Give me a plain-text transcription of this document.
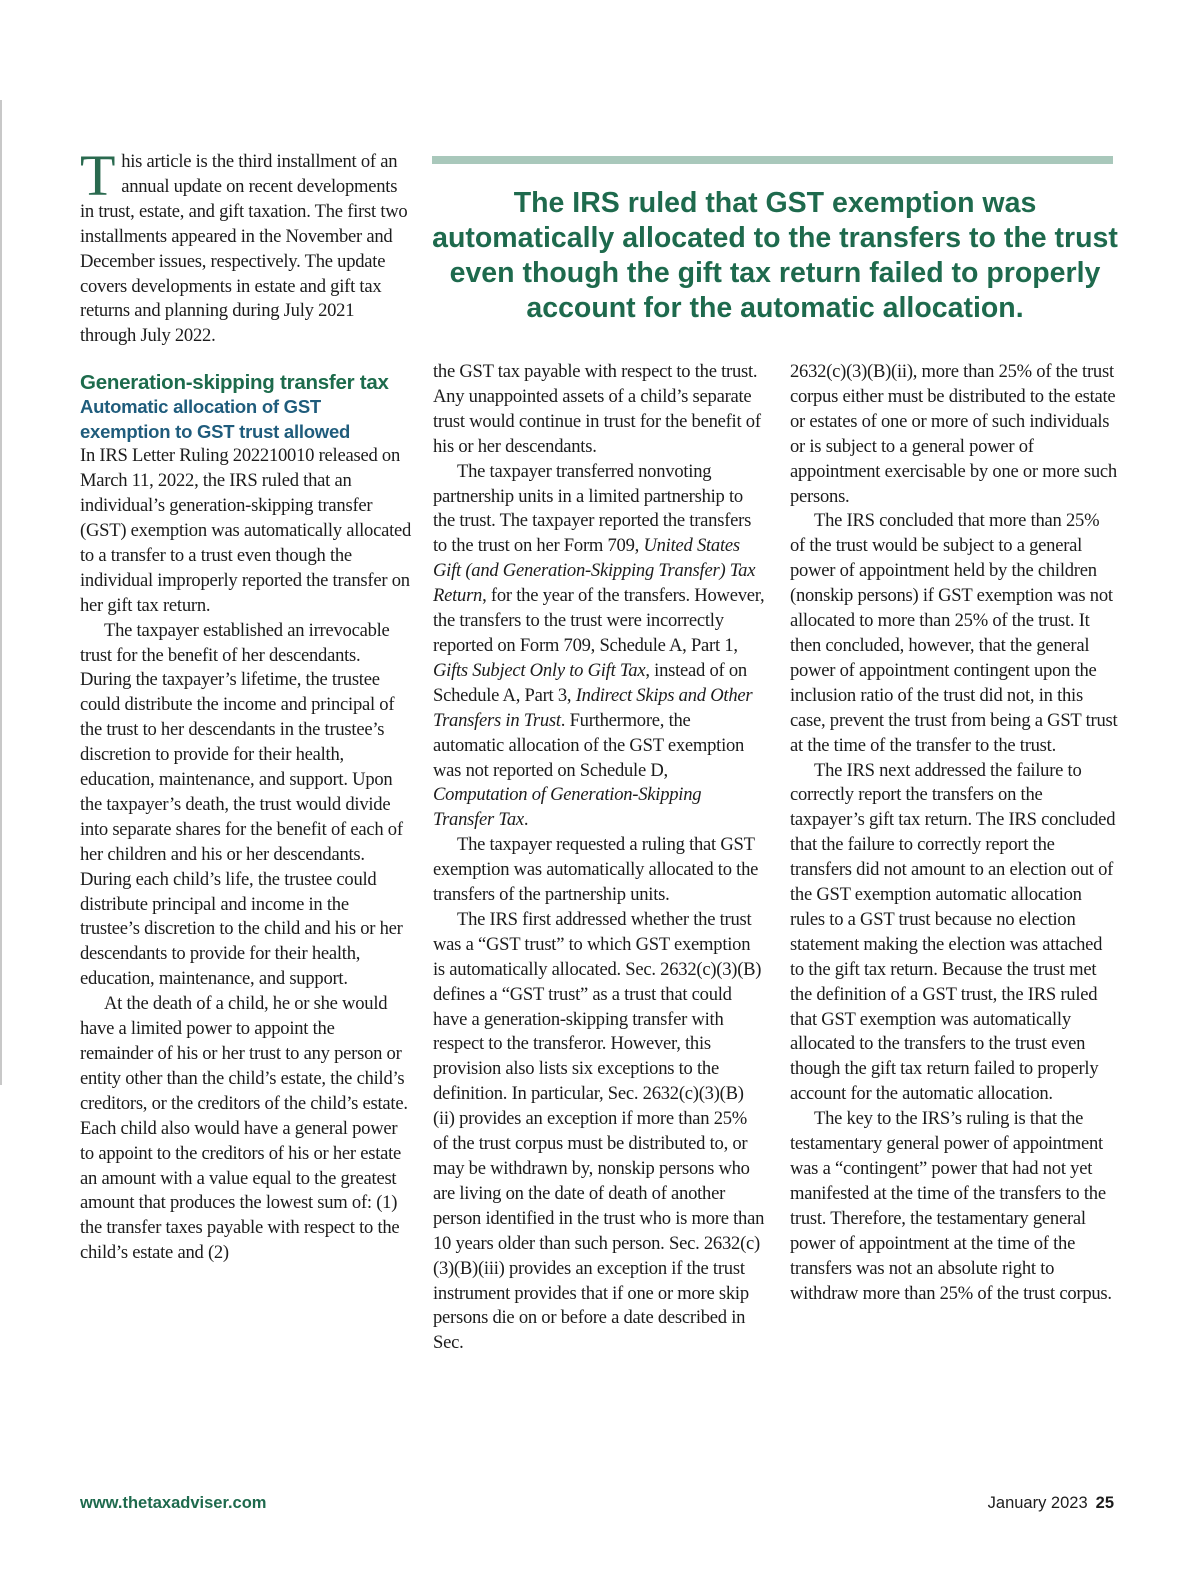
The IRS ruled that GST exemption was automatically allocated to the transfers to the trust even though the gift tax return failed to properly account for the automatic allocation.

This article is the third installment of an annual update on recent developments in trust, estate, and gift taxation. The first two installments appeared in the November and December issues, respectively. The update covers developments in estate and gift tax returns and planning during July 2021 through July 2022.

Generation-skipping transfer tax
Automatic allocation of GST exemption to GST trust allowed

In IRS Letter Ruling 202210010 released on March 11, 2022, the IRS ruled that an individual’s generation-skipping transfer (GST) exemption was automatically allocated to a transfer to a trust even though the individual improperly reported the transfer on her gift tax return.

The taxpayer established an irrevocable trust for the benefit of her descendants. During the taxpayer’s lifetime, the trustee could distribute the income and principal of the trust to her descendants in the trustee’s discretion to provide for their health, education, maintenance, and support. Upon the taxpayer’s death, the trust would divide into separate shares for the benefit of each of her children and his or her descendants. During each child’s life, the trustee could distribute principal and income in the trustee’s discretion to the child and his or her descendants to provide for their health, education, maintenance, and support.

At the death of a child, he or she would have a limited power to appoint the remainder of his or her trust to any person or entity other than the child’s estate, the child’s creditors, or the creditors of the child’s estate. Each child also would have a general power to appoint to the creditors of his or her estate an amount with a value equal to the greatest amount that produces the lowest sum of: (1) the transfer taxes payable with respect to the child’s estate and (2)

the GST tax payable with respect to the trust. Any unappointed assets of a child’s separate trust would continue in trust for the benefit of his or her descendants.

The taxpayer transferred nonvoting partnership units in a limited partnership to the trust. The taxpayer reported the transfers to the trust on her Form 709, United States Gift (and Generation-Skipping Transfer) Tax Return, for the year of the transfers. However, the transfers to the trust were incorrectly reported on Form 709, Schedule A, Part 1, Gifts Subject Only to Gift Tax, instead of on Schedule A, Part 3, Indirect Skips and Other Transfers in Trust. Furthermore, the automatic allocation of the GST exemption was not reported on Schedule D, Computation of Generation-Skipping Transfer Tax.

The taxpayer requested a ruling that GST exemption was automatically allocated to the transfers of the partnership units.

The IRS first addressed whether the trust was a “GST trust” to which GST exemption is automatically allocated. Sec. 2632(c)(3)(B) defines a “GST trust” as a trust that could have a generation-skipping transfer with respect to the transferor. However, this provision also lists six exceptions to the definition. In particular, Sec. 2632(c)(3)(B)(ii) provides an exception if more than 25% of the trust corpus must be distributed to, or may be withdrawn by, nonskip persons who are living on the date of death of another person identified in the trust who is more than 10 years older than such person. Sec. 2632(c)(3)(B)(iii) provides an exception if the trust instrument provides that if one or more skip persons die on or before a date described in Sec.

2632(c)(3)(B)(ii), more than 25% of the trust corpus either must be distributed to the estate or estates of one or more of such individuals or is subject to a general power of appointment exercisable by one or more such persons.

The IRS concluded that more than 25% of the trust would be subject to a general power of appointment held by the children (nonskip persons) if GST exemption was not allocated to more than 25% of the trust. It then concluded, however, that the general power of appointment contingent upon the inclusion ratio of the trust did not, in this case, prevent the trust from being a GST trust at the time of the transfer to the trust.

The IRS next addressed the failure to correctly report the transfers on the taxpayer’s gift tax return. The IRS concluded that the failure to correctly report the transfers did not amount to an election out of the GST exemption automatic allocation rules to a GST trust because no election statement making the election was attached to the gift tax return. Because the trust met the definition of a GST trust, the IRS ruled that GST exemption was automatically allocated to the transfers to the trust even though the gift tax return failed to properly account for the automatic allocation.

The key to the IRS’s ruling is that the testamentary general power of appointment was a “contingent” power that had not yet manifested at the time of the transfers to the trust. Therefore, the testamentary general power of appointment at the time of the transfers was not an absolute right to withdraw more than 25% of the trust corpus.

www.thetaxadviser.com	January 2023 25
